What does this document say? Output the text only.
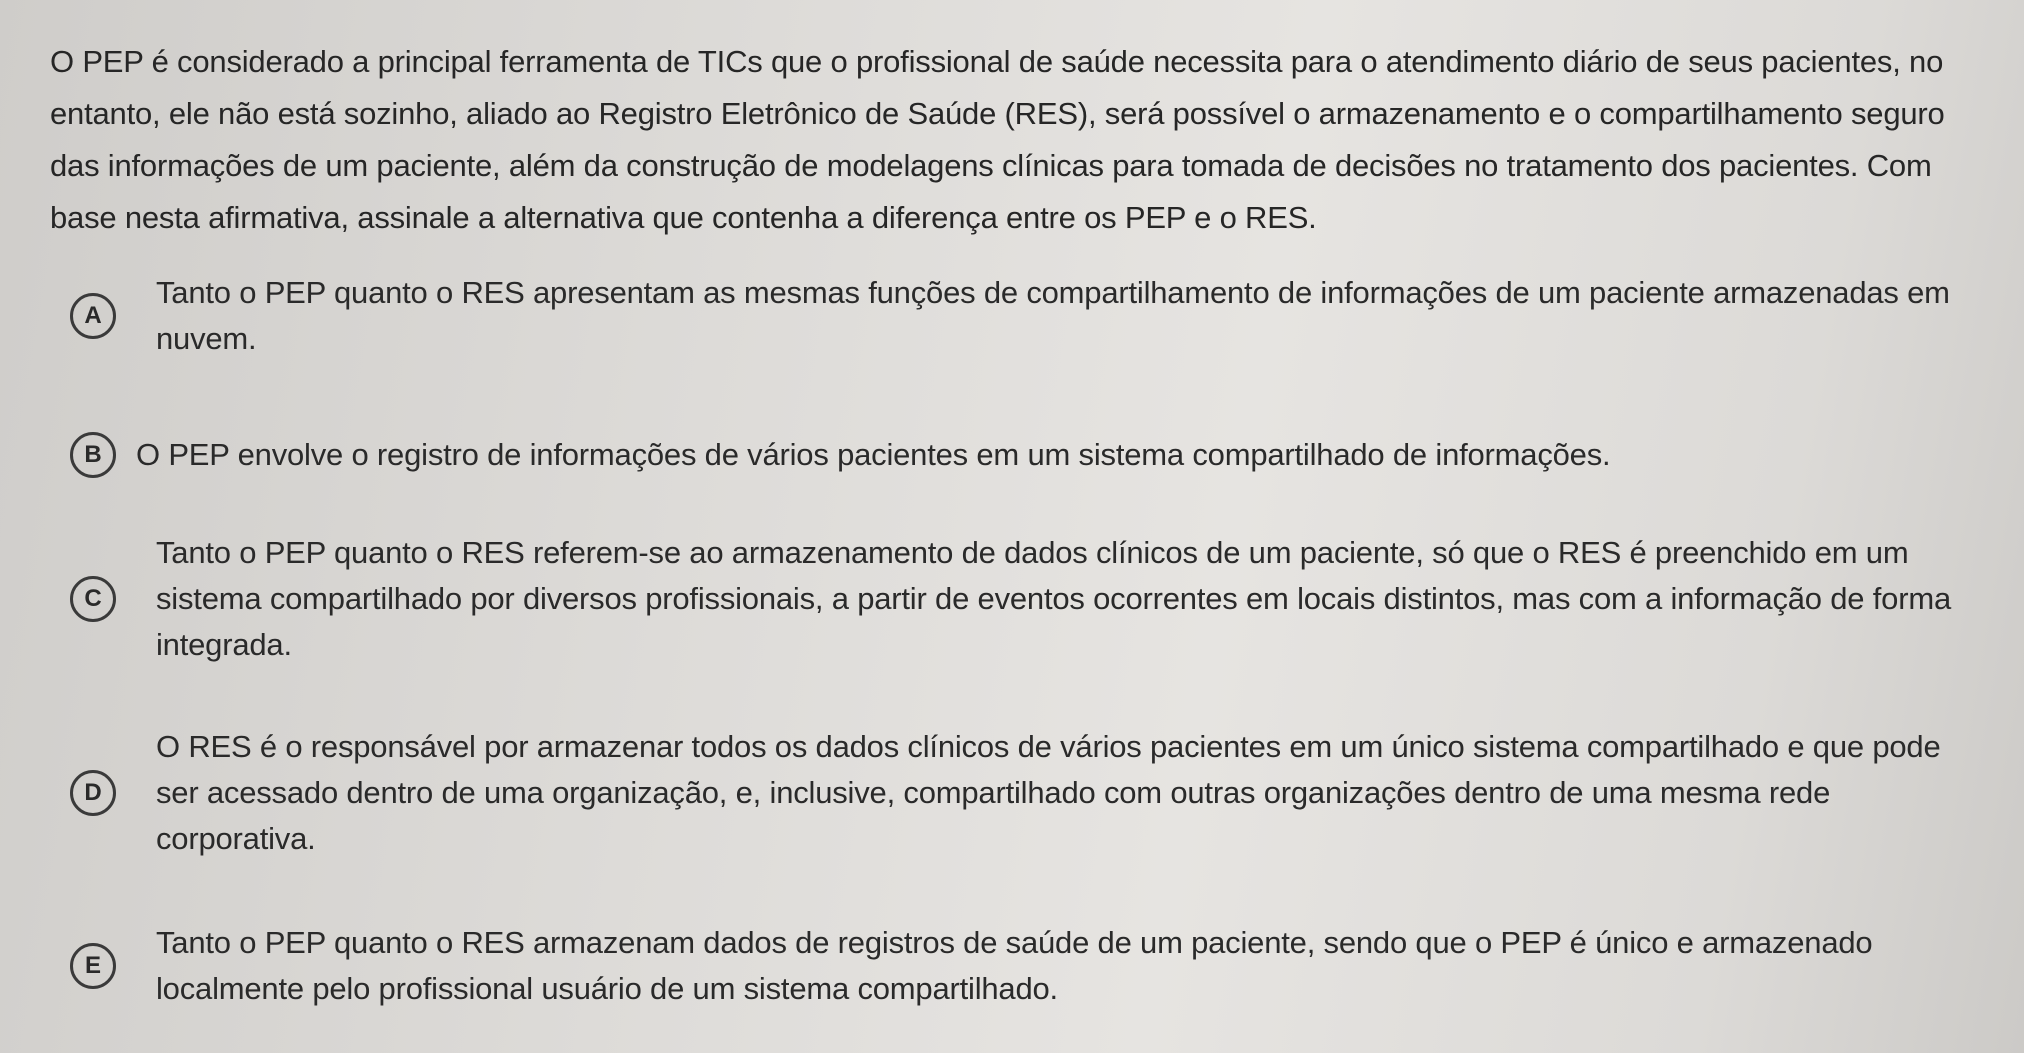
O PEP é considerado a principal ferramenta de TICs que o profissional de saúde necessita para o atendimento diário de seus pacientes, no entanto, ele não está sozinho, aliado ao Registro Eletrônico de Saúde (RES), será possível o armazenamento e o compartilhamento seguro das informações de um paciente, além da construção de modelagens clínicas para tomada de decisões no tratamento dos pacientes. Com base nesta afirmativa, assinale a alternativa que contenha a diferença entre os PEP e o RES.

A
Tanto o PEP quanto o RES apresentam as mesmas funções de compartilhamento de informações de um paciente armazenadas em nuvem.
B	O PEP envolve o registro de informações de vários pacientes em um sistema compartilhado de informações.
C
Tanto o PEP quanto o RES referem-se ao armazenamento de dados clínicos de um paciente, só que o RES é preenchido em um sistema compartilhado por diversos profissionais, a partir de eventos ocorrentes em locais distintos, mas com a informação de forma integrada.
D
O RES é o responsável por armazenar todos os dados clínicos de vários pacientes em um único sistema compartilhado e que pode ser acessado dentro de uma organização, e, inclusive, compartilhado com outras organizações dentro de uma mesma rede corporativa.
E
Tanto o PEP quanto o RES armazenam dados de registros de saúde de um paciente, sendo que o PEP é único e armazenado localmente pelo profissional usuário de um sistema compartilhado.
